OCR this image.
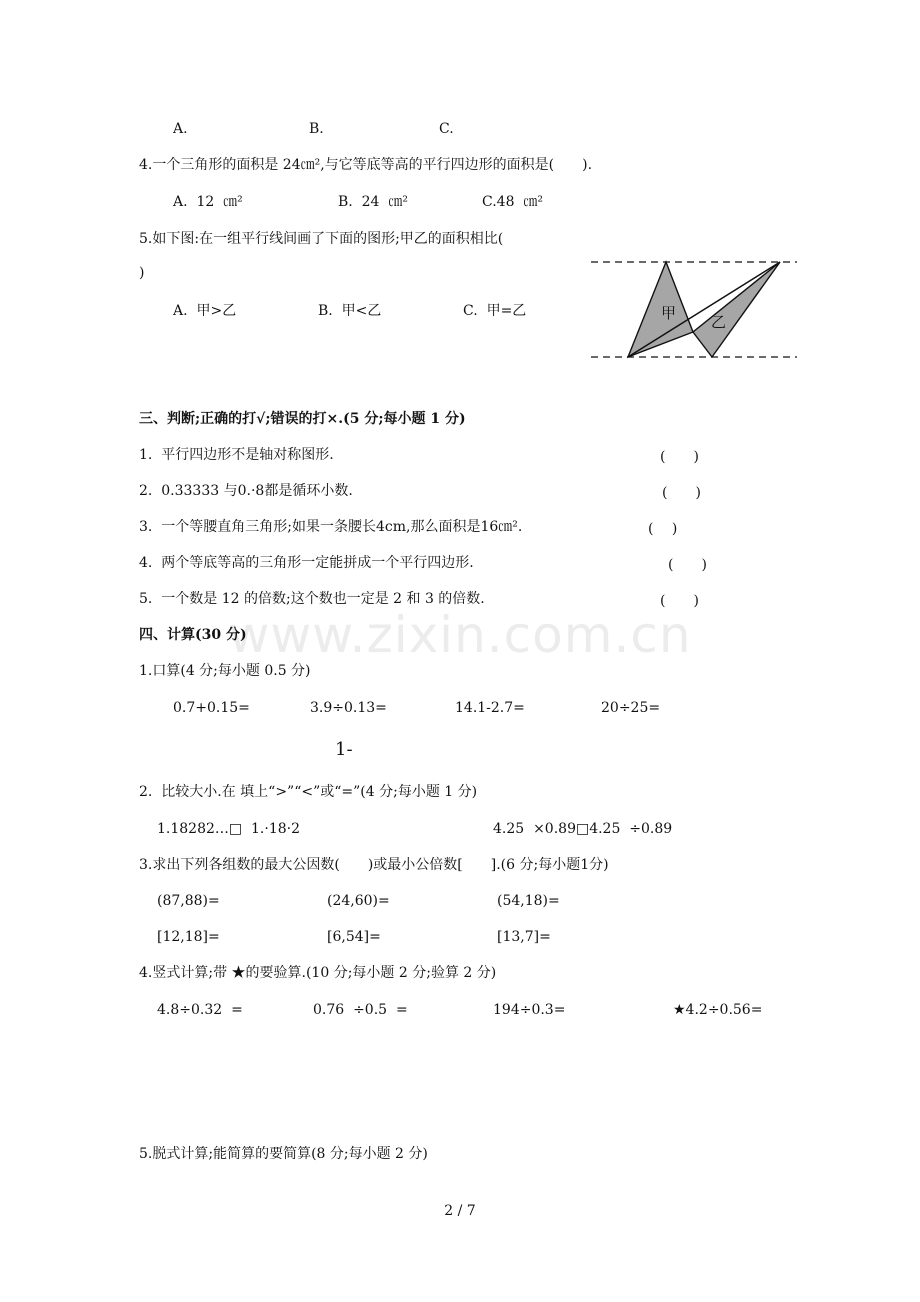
A.	B.	C.
4.一个三角形的面积是 24㎝²,与它等底等高的平行四边形的面积是(　　).
A.  12  ㎝²	B.  24  ㎝²	C.48  ㎝²
5.如下图:在一组平行线间画了下面的图形;甲乙的面积相比(
)
A.  甲>乙	B.  甲<乙	C.  甲=乙	甲 乙
三、判断;正确的打√;错误的打×.(5 分;每小题 1 分)
1.  平行四边形不是轴对称图形.	(　　)
2.  0.33333 与0.·8都是循环小数.	(　　)
3.  一个等腰直角三角形;如果一条腰长4cm,那么面积是16㎝².	(　 )
4.  两个等底等高的三角形一定能拼成一个平行四边形.	(　　)
5.  一个数是 12 的倍数;这个数也一定是 2 和 3 的倍数.	(　　)
www.zixin.com.cn
四、计算(30 分)
1.口算(4 分;每小题 0.5 分)
0.7+0.15=	3.9÷0.13=	14.1-2.7=	20÷25=
1-
2.  比较大小.在 填上“>”“<”或“=”(4 分;每小题 1 分)
1.18282…□  1.·18·2	4.25  ×0.89□4.25  ÷0.89
3.求出下列各组数的最大公因数(　　)或最小公倍数[　　].(6 分;每小题1分)
(87,88)=	(24,60)=	(54,18)=
[12,18]=	[6,54]=	[13,7]=
4.竖式计算;带 ★的要验算.(10 分;每小题 2 分;验算 2 分)
4.8÷0.32  =	0.76  ÷0.5  =	194÷0.3=	★4.2÷0.56=
5.脱式计算;能简算的要简算(8 分;每小题 2 分)
2 / 7
